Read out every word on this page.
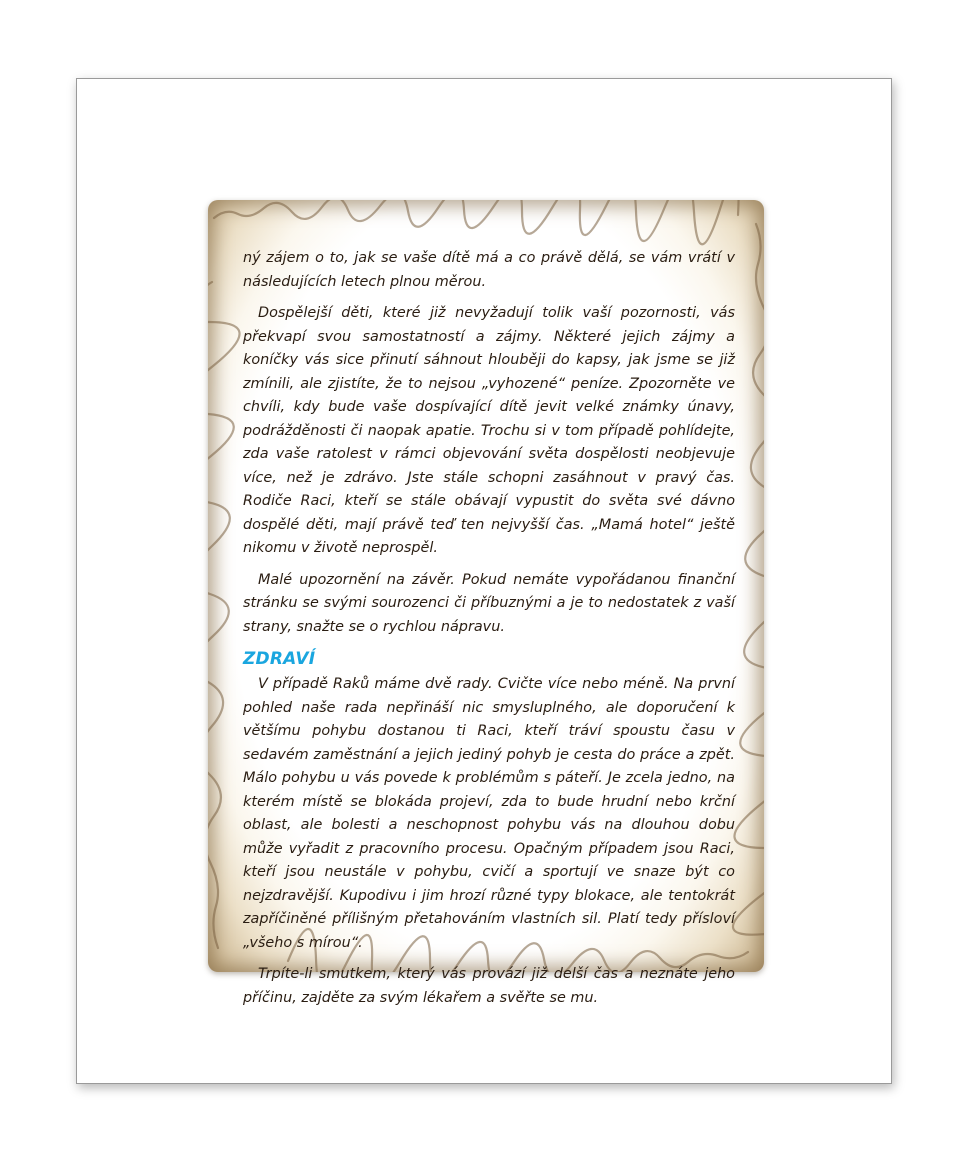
ný zájem o to, jak se vaše dítě má a co právě dělá, se vám vrátí v následujících letech plnou měrou.

Dospělejší děti, které již nevyžadují tolik vaší pozornosti, vás překvapí svou samostatností a zájmy. Některé jejich zájmy a koníčky vás sice přinutí sáhnout hlouběji do kapsy, jak jsme se již zmínili, ale zjistíte, že to nejsou „vyhozené“ peníze. Zpozorněte ve chvíli, kdy bude vaše dospívající dítě jevit velké známky únavy, podrážděnosti či naopak apatie. Trochu si v tom případě pohlídejte, zda vaše ratolest v rámci objevování světa dospělosti neobjevuje více, než je zdrávo. Jste stále schopni zasáhnout v pravý čas. Rodiče Raci, kteří se stále obávají vypustit do světa své dávno dospělé děti, mají právě teď ten nejvyšší čas. „Mamá hotel“ ještě nikomu v životě neprospěl.

Malé upozornění na závěr. Pokud nemáte vypořádanou finanční stránku se svými sourozenci či příbuznými a je to nedostatek z vaší strany, snažte se o rychlou nápravu.

ZDRAVÍ

V případě Raků máme dvě rady. Cvičte více nebo méně. Na první pohled naše rada nepřináší nic smysluplného, ale doporučení k většímu pohybu dostanou ti Raci, kteří tráví spoustu času v sedavém zaměstnání a jejich jediný pohyb je cesta do práce a zpět. Málo pohybu u vás povede k problémům s páteří. Je zcela jedno, na kterém místě se blokáda projeví, zda to bude hrudní nebo krční oblast, ale bolesti a neschopnost pohybu vás na dlouhou dobu může vyřadit z pracovního procesu. Opačným případem jsou Raci, kteří jsou neustále v pohybu, cvičí a sportují ve snaze být co nejzdravější. Kupodivu i jim hrozí různé typy blokace, ale tentokrát zapříčiněné přílišným přetahováním vlastních sil. Platí tedy přísloví „všeho s mírou“.

Trpíte-li smutkem, který vás provází již delší čas a neznáte jeho příčinu, zajděte za svým lékařem a svěřte se mu.
